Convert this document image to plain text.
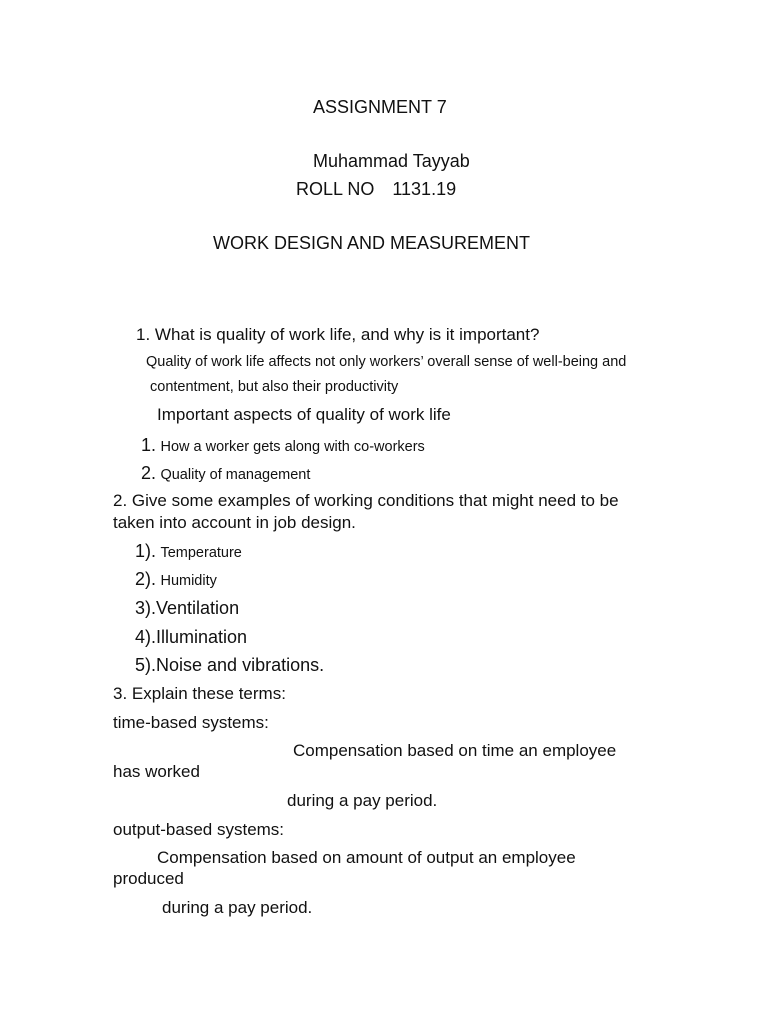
ASSIGNMENT 7
Muhammad Tayyab
ROLL NO 1131.19
WORK DESIGN AND MEASUREMENT
1. What is quality of work life, and why is it important?
Quality of work life affects not only workers’ overall sense of well-being and
contentment, but also their productivity
Important aspects of quality of work life
1. How a worker gets along with co-workers
2. Quality of management
2. Give some examples of working conditions that might need to be
taken into account in job design.
1). Temperature
2). Humidity
3).Ventilation
4).Illumination
5).Noise and vibrations.
3. Explain these terms:
time-based systems:
Compensation based on time an employee
has worked
during a pay period.
output-based systems:
Compensation based on amount of output an employee
produced
during a pay period.
